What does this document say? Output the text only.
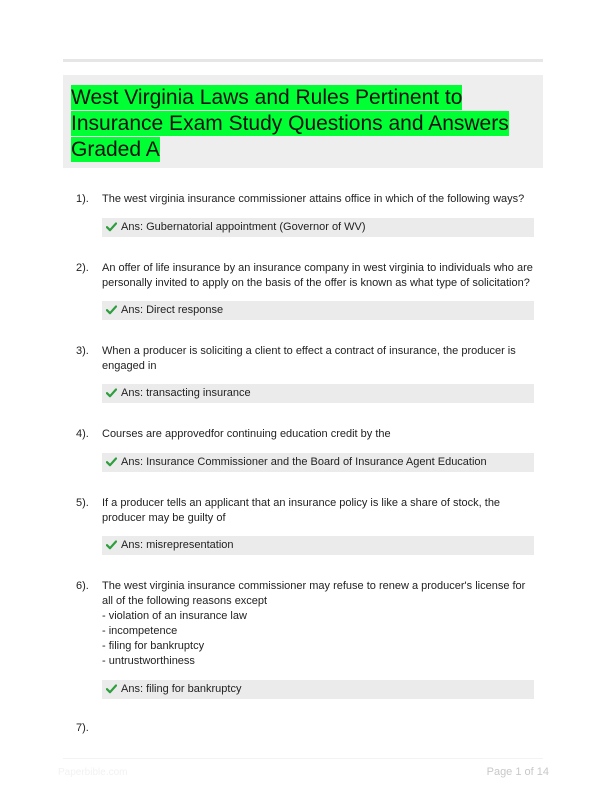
West Virginia Laws and Rules Pertinent to Insurance Exam Study Questions and Answers Graded A
1). The west virginia insurance commissioner attains office in which of the following ways?
Ans: Gubernatorial appointment (Governor of WV)
2). An offer of life insurance by an insurance company in west virginia to individuals who are personally invited to apply on the basis of the offer is known as what type of solicitation?
Ans: Direct response
3). When a producer is soliciting a client to effect a contract of insurance, the producer is engaged in
Ans: transacting insurance
4). Courses are approvedfor continuing education credit by the
Ans: Insurance Commissioner and the Board of Insurance Agent Education
5). If a producer tells an applicant that an insurance policy is like a share of stock, the producer may be guilty of
Ans: misrepresentation
6). The west virginia insurance commissioner may refuse to renew a producer's license for all of the following reasons except
- violation of an insurance law
- incompetence
- filing for bankruptcy
- untrustworthiness
Ans: filing for bankruptcy
7).
Paperbible.com	Page 1 of 14
